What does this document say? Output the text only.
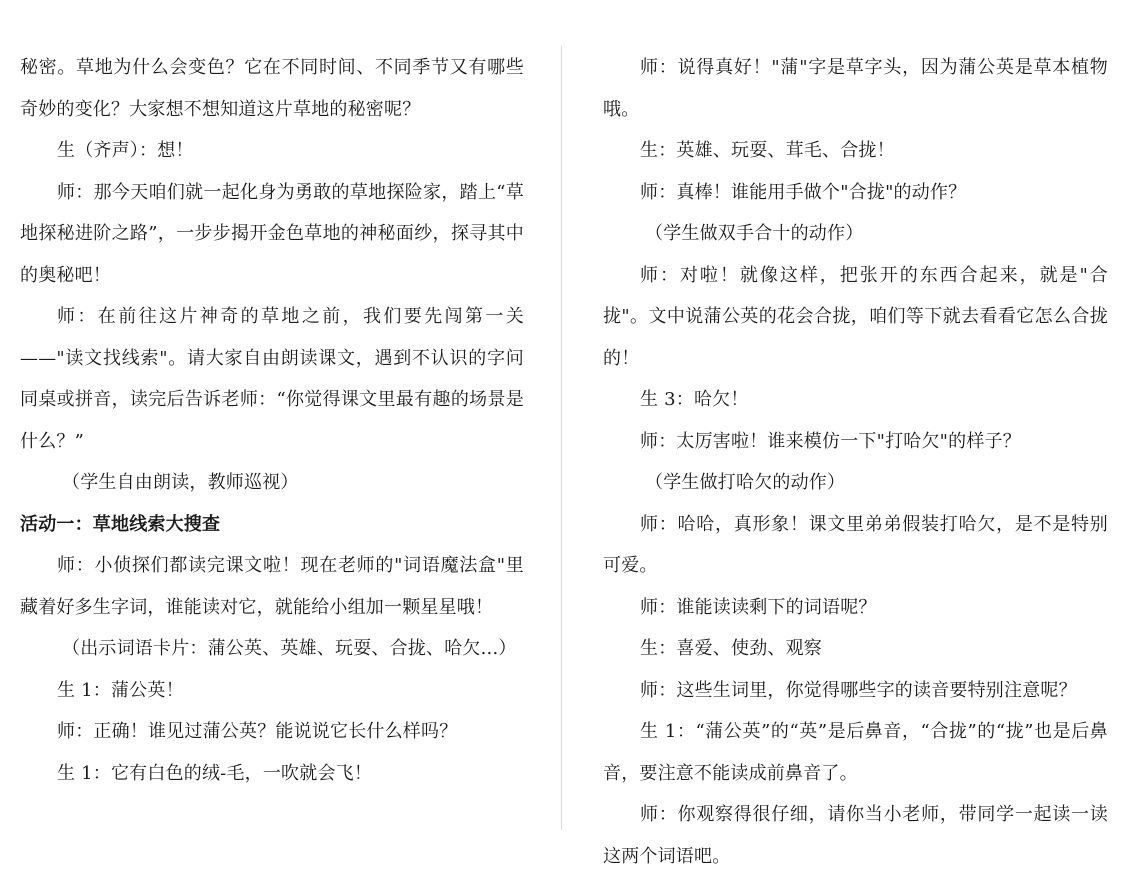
秘密。草地为什么会变色？它在不同时间、不同季节又有哪些奇妙的变化？大家想不想知道这片草地的秘密呢？

生（齐声）：想！

师：那今天咱们就一起化身为勇敢的草地探险家，踏上“草地探秘进阶之路”，一步步揭开金色草地的神秘面纱，探寻其中的奥秘吧！

师：在前往这片神奇的草地之前，我们要先闯第一关——"读文找线索"。请大家自由朗读课文，遇到不认识的字问同桌或拼音，读完后告诉老师：“你觉得课文里最有趣的场景是什么？”

（学生自由朗读，教师巡视）

活动一：草地线索大搜查

师：小侦探们都读完课文啦！现在老师的"词语魔法盒"里藏着好多生字词，谁能读对它，就能给小组加一颗星星哦！

（出示词语卡片：蒲公英、英雄、玩耍、合拢、哈欠...）

生 1：蒲公英！

师：正确！谁见过蒲公英？能说说它长什么样吗？

生 1：它有白色的绒-毛，一吹就会飞！

师：说得真好！"蒲"字是草字头，因为蒲公英是草本植物哦。

生：英雄、玩耍、茸毛、合拢！

师：真棒！谁能用手做个"合拢"的动作？

（学生做双手合十的动作）

师：对啦！就像这样，把张开的东西合起来，就是"合拢"。文中说蒲公英的花会合拢，咱们等下就去看看它怎么合拢的！

生 3：哈欠！

师：太厉害啦！谁来模仿一下"打哈欠"的样子？

（学生做打哈欠的动作）

师：哈哈，真形象！课文里弟弟假装打哈欠，是不是特别可爱。

师：谁能读读剩下的词语呢？

生：喜爱、使劲、观察

师：这些生词里，你觉得哪些字的读音要特别注意呢？

生 1：“蒲公英”的“英”是后鼻音，“合拢”的“拢”也是后鼻音，要注意不能读成前鼻音了。

师：你观察得很仔细，请你当小老师，带同学一起读一读这两个词语吧。
